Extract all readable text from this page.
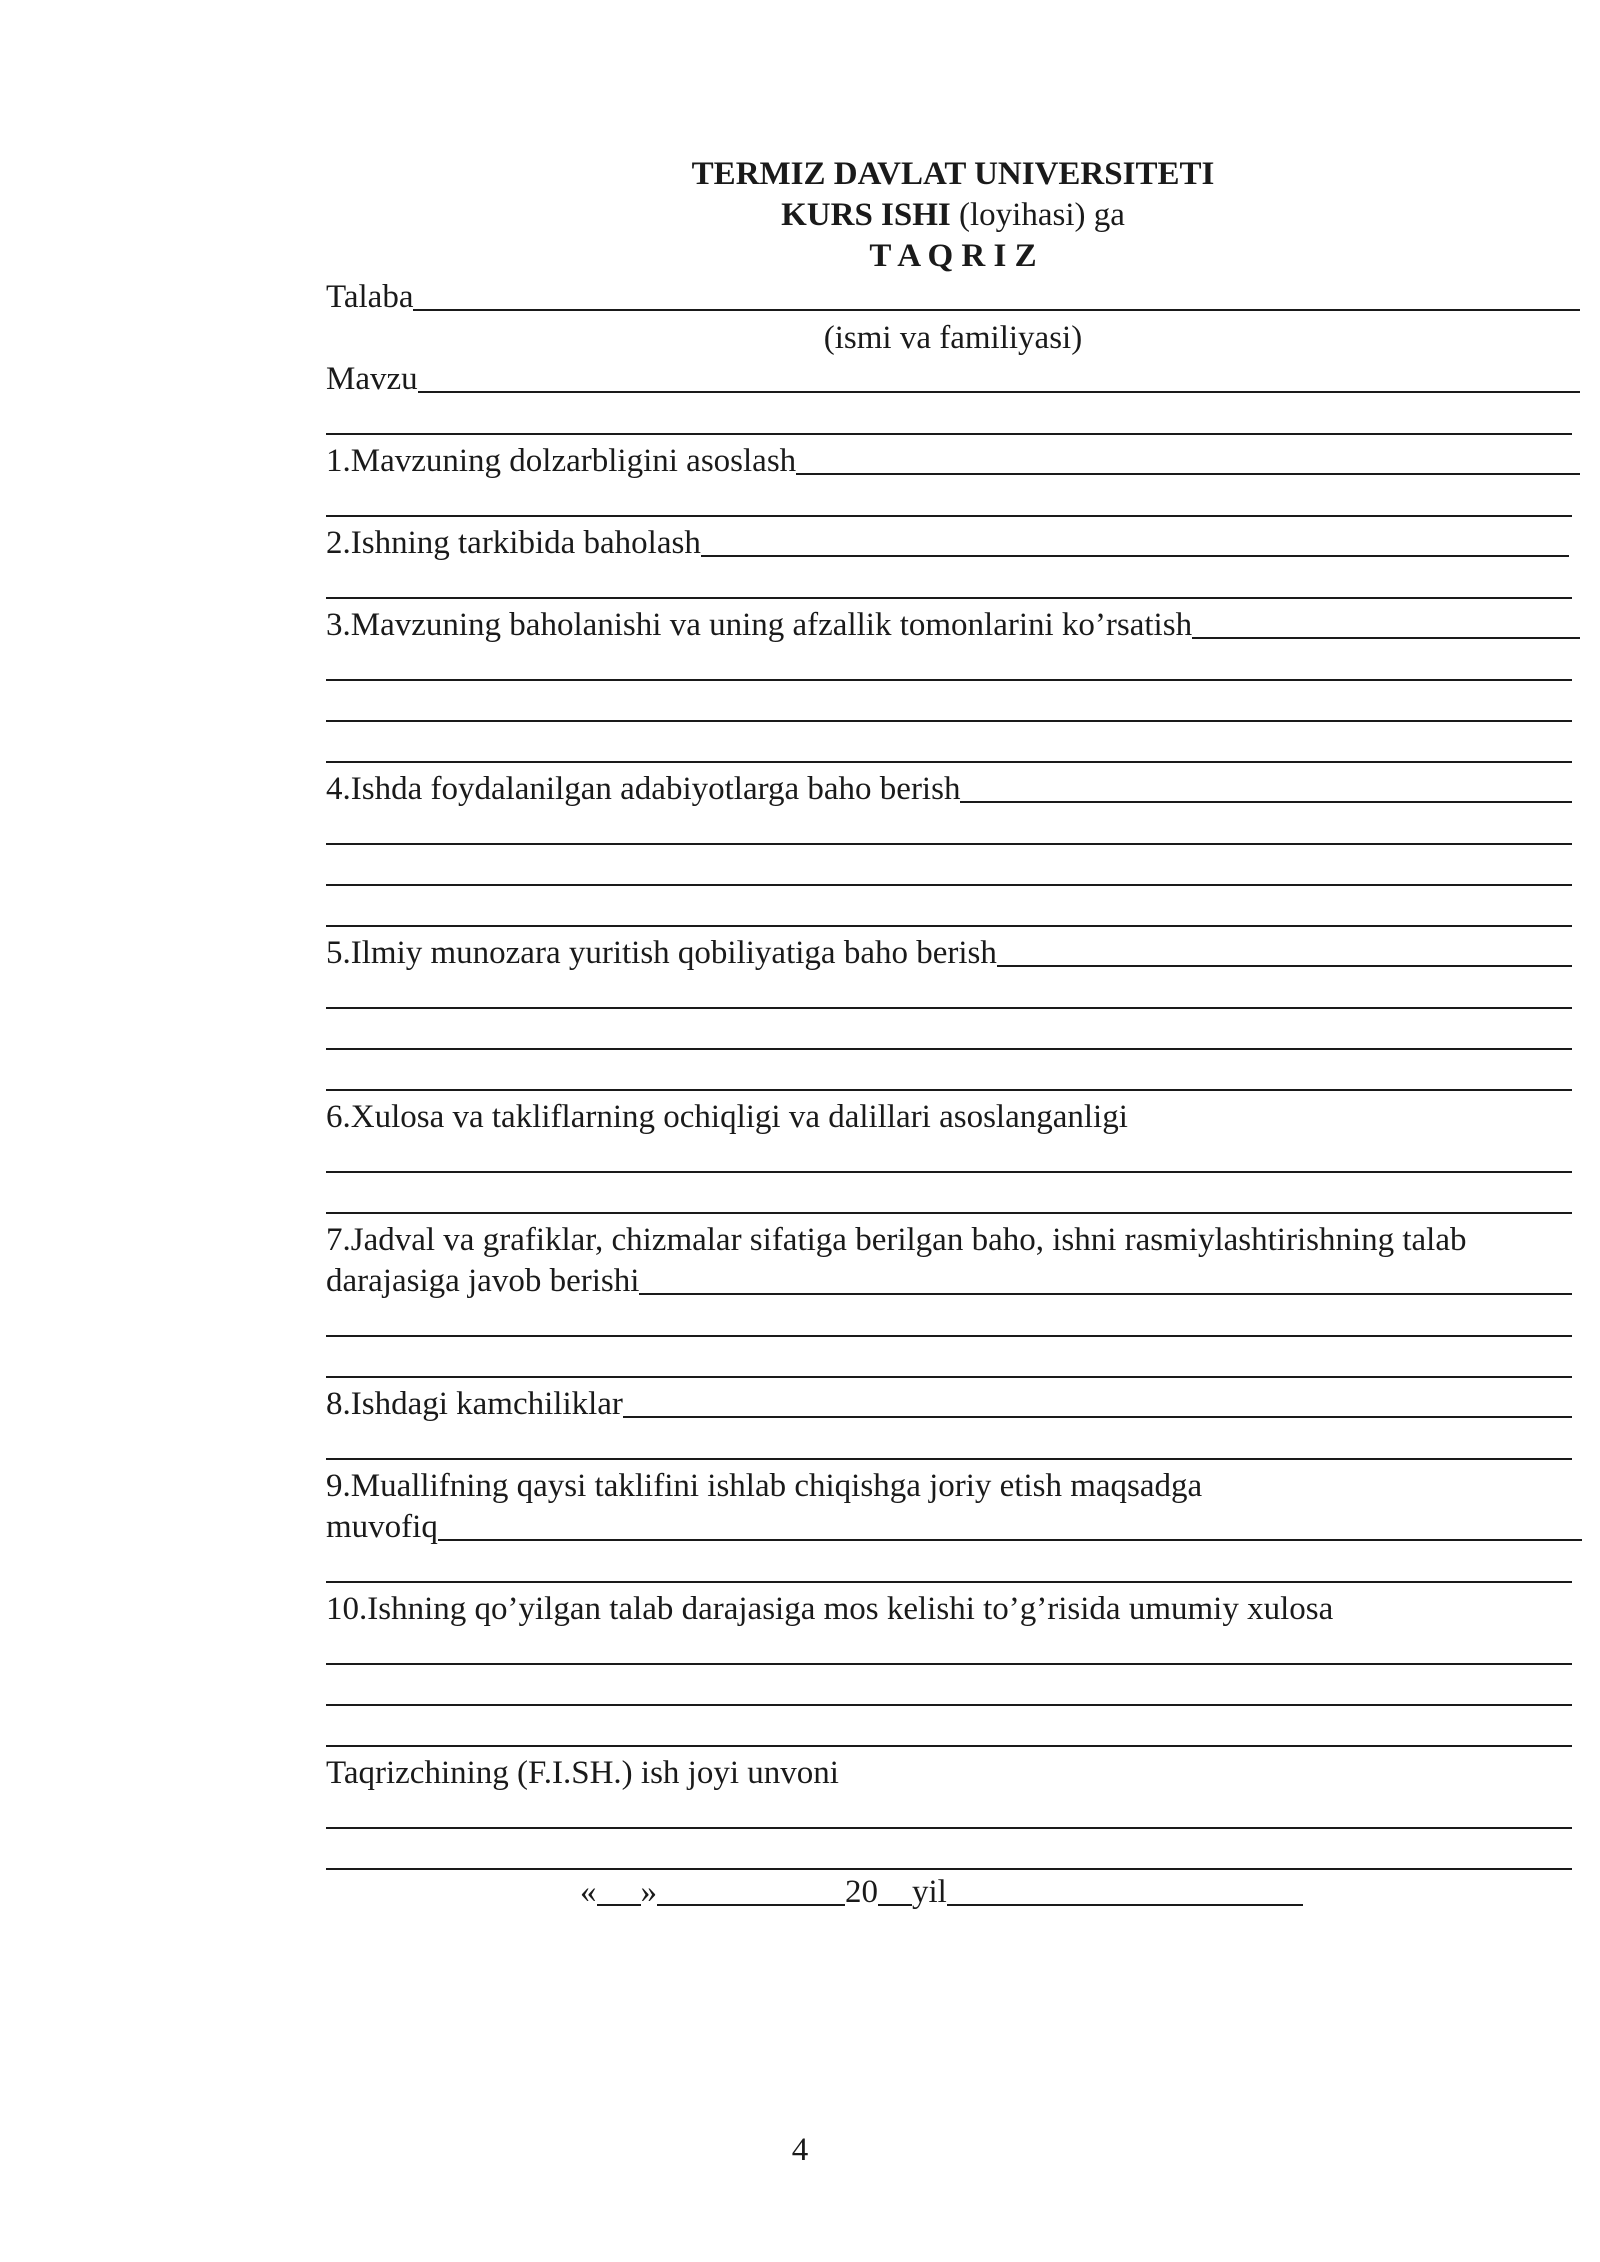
TERMIZ DAVLAT UNIVERSITETI
KURS ISHI (loyihasi) ga
T A Q R I Z
Talaba
(ismi va familiyasi)
Mavzu
1.Mavzuning dolzarbligini asoslash
2.Ishning tarkibida baholash
3.Mavzuning baholanishi va uning afzallik tomonlarini ko’rsatish
4.Ishda foydalanilgan adabiyotlarga baho berish
5.Ilmiy munozara yuritish qobiliyatiga baho berish
6.Xulosa va takliflarning ochiqligi va dalillari asoslanganligi
7.Jadval va grafiklar, chizmalar sifatiga berilgan baho, ishni rasmiylashtirishning talab
darajasiga javob berishi
8.Ishdagi kamchiliklar
9.Muallifning qaysi taklifini ishlab chiqishga joriy etish maqsadga
muvofiq
10.Ishning qo’yilgan talab darajasiga mos kelishi to’g’risida umumiy xulosa
Taqrizchining (F.I.SH.) ish joyi unvoni
« »	20 yil
4
